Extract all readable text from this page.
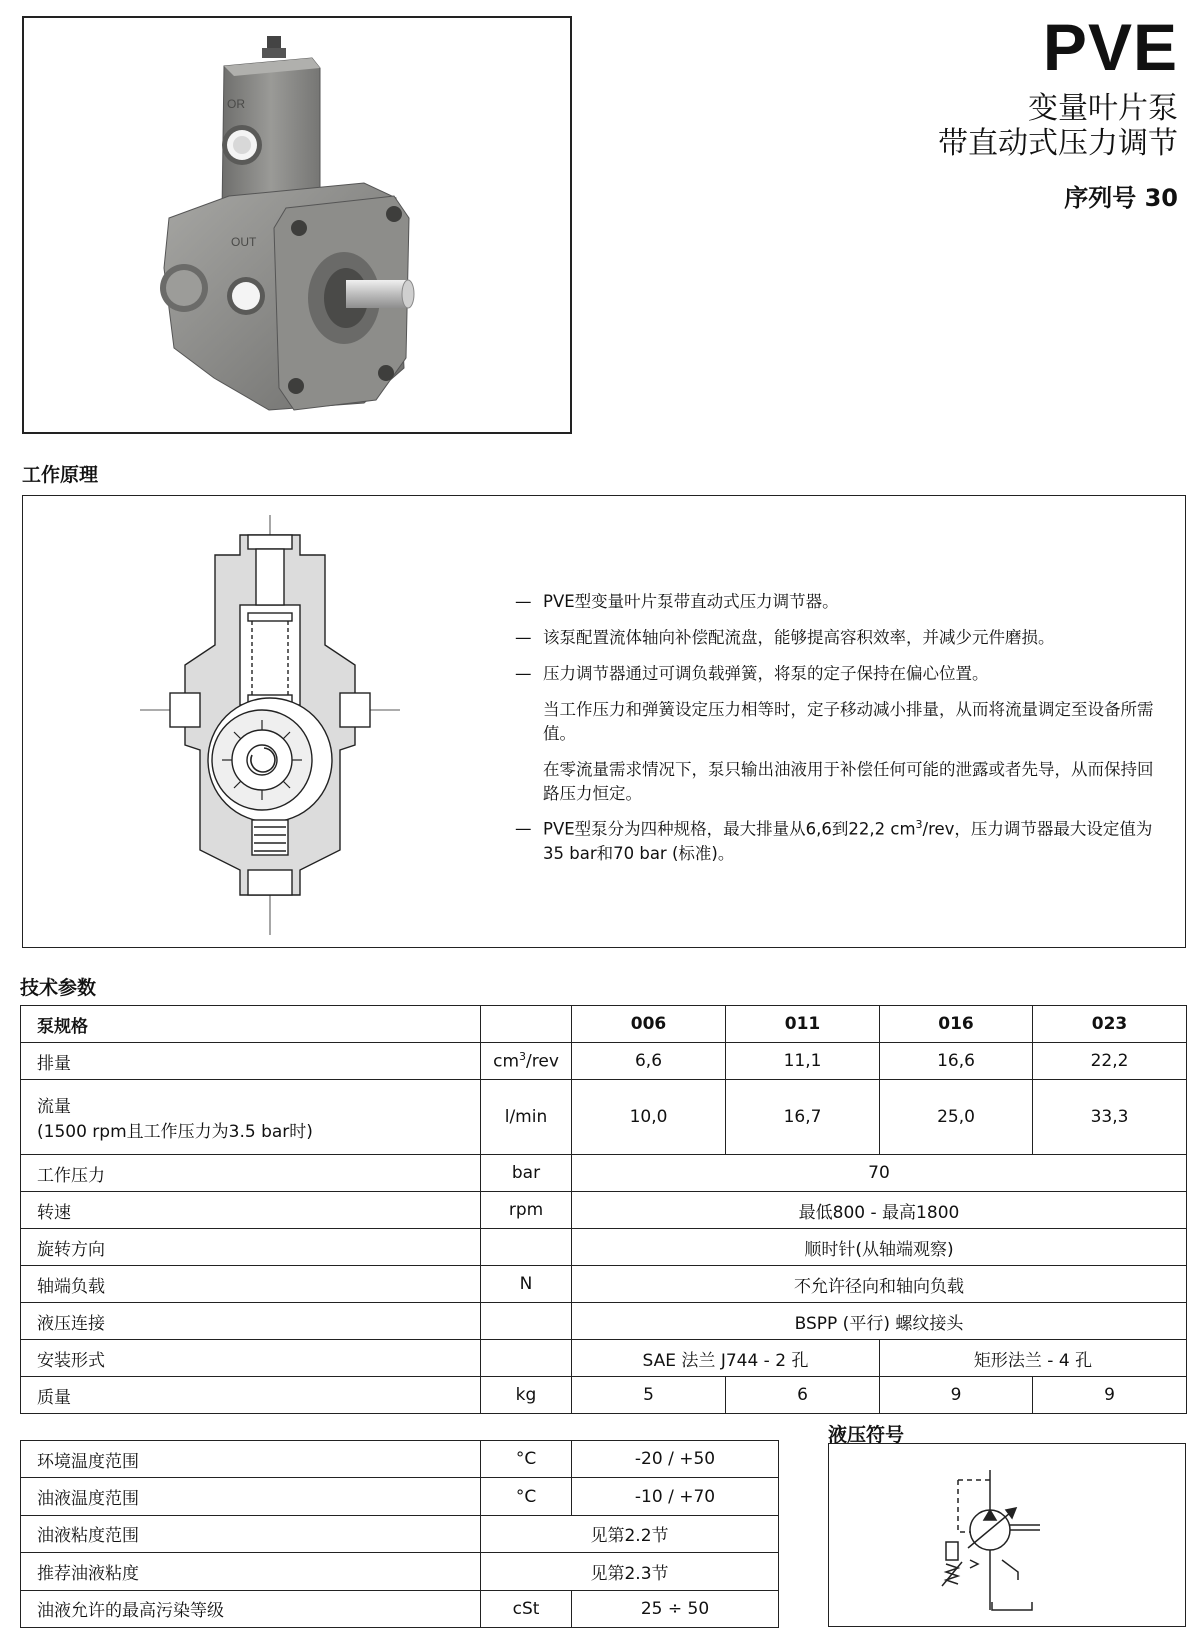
OR
OUT
PVE
变量叶片泵
带直动式压力调节
序列号 30
工作原理
— PVE型变量叶片泵带直动式压力调节器。
— 该泵配置流体轴向补偿配流盘，能够提高容积效率，并减少元件磨损。
— 压力调节器通过可调负载弹簧，将泵的定子保持在偏心位置。
当工作压力和弹簧设定压力相等时，定子移动减小排量，从而将流量调定至设备所需值。
在零流量需求情况下，泵只输出油液用于补偿任何可能的泄露或者先导，从而保持回路压力恒定。
— PVE型泵分为四种规格，最大排量从6,6到22,2 $cm^3$/rev，压力调节器最大设定值为35 bar和70 bar (标准)。
技术参数
泵规格		006	011	016	023
排量	$cm^3$/rev	6,6	11,1	16,6	22,2

流量
(1500 rpm且工作压力为3.5 bar时)	l/min	10,0	16,7	25,0	33,3
工作压力	bar	70			
转速	rpm	最低800 - 最高1800			
旋转方向		顺时针(从轴端观察)			
轴端负载	N	不允许径向和轴向负载			
液压连接		BSPP (平行) 螺纹接头			
安装形式		SAE 法兰 J744 - 2 孔		矩形法兰 - 4 孔	
质量	kg	5	6	9	9
环境温度范围	°C	-20 / +50
油液温度范围	°C	-10 / +70
油液粘度范围	见第2.2节	
推荐油液粘度	见第2.3节	
油液允许的最高污染等级	cSt	25 ÷ 50
液压符号
